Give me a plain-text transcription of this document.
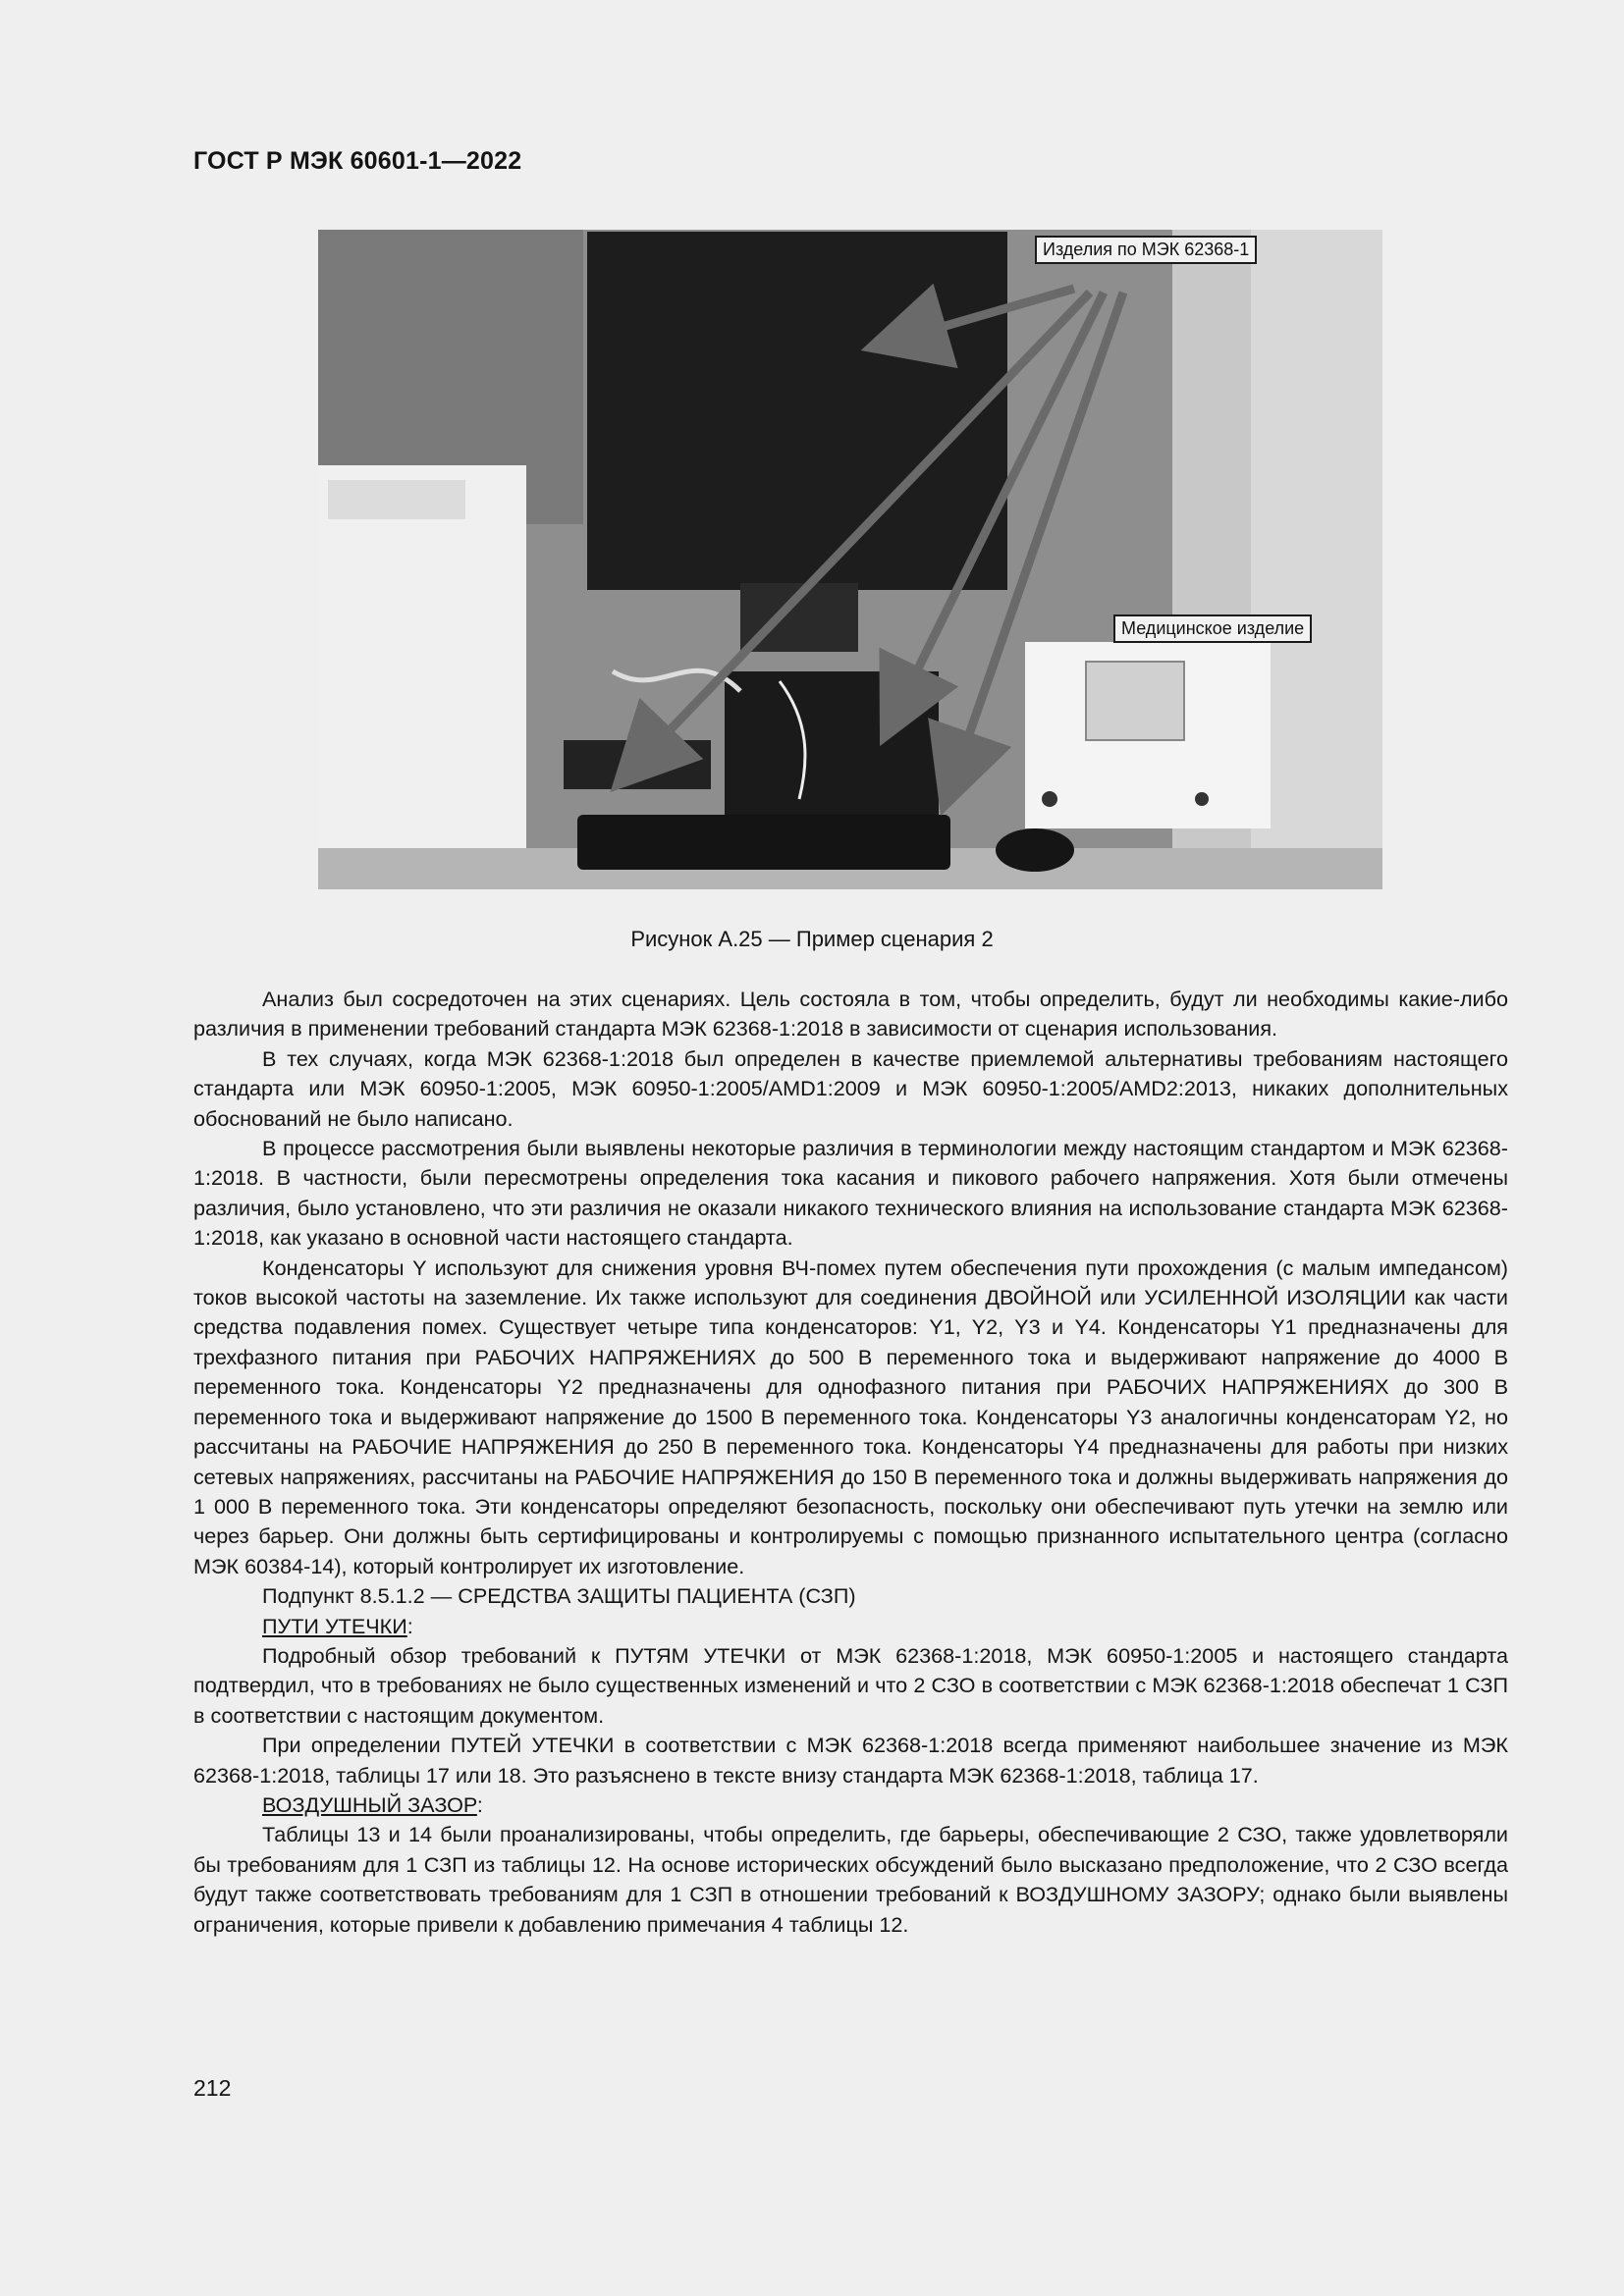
ГОСТ Р МЭК 60601-1—2022
Изделия по МЭК 62368-1
Медицинское изделие
Рисунок А.25 — Пример сценария 2

Анализ был сосредоточен на этих сценариях. Цель состояла в том, чтобы определить, будут ли необходимы какие-либо различия в применении требований стандарта МЭК 62368-1:2018 в зависимости от сценария использования.

В тех случаях, когда МЭК 62368-1:2018 был определен в качестве приемлемой альтернативы требованиям настоящего стандарта или МЭК 60950-1:2005, МЭК 60950-1:2005/AMD1:2009 и МЭК 60950-1:2005/AMD2:2013, никаких дополнительных обоснований не было написано.

В процессе рассмотрения были выявлены некоторые различия в терминологии между настоящим стандартом и МЭК 62368-1:2018. В частности, были пересмотрены определения тока касания и пикового рабочего напряжения. Хотя были отмечены различия, было установлено, что эти различия не оказали никакого технического влияния на использование стандарта МЭК 62368-1:2018, как указано в основной части настоящего стандарта.

Конденсаторы Y используют для снижения уровня ВЧ-помех путем обеспечения пути прохождения (с малым импедансом) токов высокой частоты на заземление. Их также используют для соединения ДВОЙНОЙ или УСИЛЕННОЙ ИЗОЛЯЦИИ как части средства подавления помех. Существует четыре типа конденсаторов: Y1, Y2, Y3 и Y4. Конденсаторы Y1 предназначены для трехфазного питания при РАБОЧИХ НАПРЯЖЕНИЯХ до 500 В переменного тока и выдерживают напряжение до 4000 В переменного тока. Конденсаторы Y2 предназначены для однофазного питания при РАБОЧИХ НАПРЯЖЕНИЯХ до 300 В переменного тока и выдерживают напряжение до 1500 В переменного тока. Конденсаторы Y3 аналогичны конденсаторам Y2, но рассчитаны на РАБОЧИЕ НАПРЯЖЕНИЯ до 250 В переменного тока. Конденсаторы Y4 предназначены для работы при низких сетевых напряжениях, рассчитаны на РАБОЧИЕ НАПРЯЖЕНИЯ до 150 В переменного тока и должны выдерживать напряжения до 1 000 В переменного тока. Эти конденсаторы определяют безопасность, поскольку они обеспечивают путь утечки на землю или через барьер. Они должны быть сертифицированы и контролируемы с помощью признанного испытательного центра (согласно МЭК 60384-14), который контролирует их изготовление.

Подпункт 8.5.1.2 — СРЕДСТВА ЗАЩИТЫ ПАЦИЕНТА (СЗП)

ПУТИ УТЕЧКИ:

Подробный обзор требований к ПУТЯМ УТЕЧКИ от МЭК 62368-1:2018, МЭК 60950-1:2005 и настоящего стандарта подтвердил, что в требованиях не было существенных изменений и что 2 СЗО в соответствии с МЭК 62368-1:2018 обеспечат 1 СЗП в соответствии с настоящим документом.

При определении ПУТЕЙ УТЕЧКИ в соответствии с МЭК 62368-1:2018 всегда применяют наибольшее значение из МЭК 62368-1:2018, таблицы 17 или 18. Это разъяснено в тексте внизу стандарта МЭК 62368-1:2018, таблица 17.

ВОЗДУШНЫЙ ЗАЗОР:

Таблицы 13 и 14 были проанализированы, чтобы определить, где барьеры, обеспечивающие 2 СЗО, также удовлетворяли бы требованиям для 1 СЗП из таблицы 12. На основе исторических обсуждений было высказано предположение, что 2 СЗО всегда будут также соответствовать требованиям для 1 СЗП в отношении требований к ВОЗДУШНОМУ ЗАЗОРУ; однако были выявлены ограничения, которые привели к добавлению примечания 4 таблицы 12.

212
